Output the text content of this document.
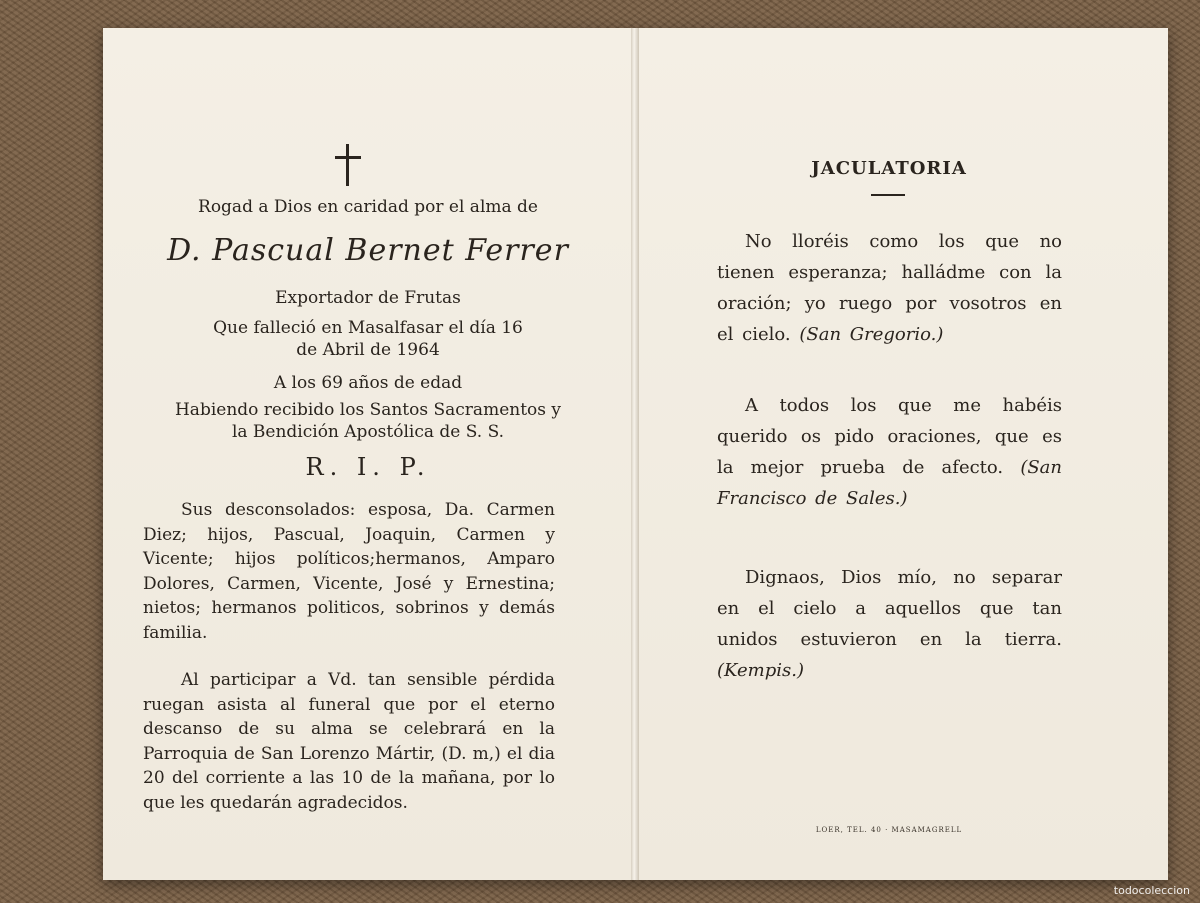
Rogad a Dios en caridad por el alma de
D. Pascual Bernet Ferrer
Exportador de Frutas
Que falleció en Masalfasar el día 16
de Abril de 1964
A los 69 años de edad
Habiendo recibido los Santos Sacramentos y
la Bendición Apostólica de S. S.
R. I. P.
Sus desconsolados: esposa, Da. Carmen Diez; hijos, Pascual, Joaquin, Carmen y Vicente; hijos políticos;hermanos, Amparo Dolores, Carmen, Vicente, José y Ernestina; nietos; hermanos politicos, sobrinos y demás familia.
Al participar a Vd. tan sensible pérdida ruegan asista al funeral que por el eterno descanso de su alma se celebrará en la Parroquia de San Lorenzo Mártir, (D. m,) el dia 20 del corriente a las 10 de la mañana, por lo que les quedarán agradecidos.
JACULATORIA
No lloréis como los que no tienen esperanza; halládme con la oración; yo ruego por vosotros en el cielo. (San Gregorio.)
A todos los que me habéis querido os pido oraciones, que es la mejor prueba de afecto. (San Francisco de Sales.)
Dignaos, Dios mío, no separar en el cielo a aquellos que tan unidos estuvieron en la tierra. (Kempis.)
LOER, TEL. 40 · MASAMAGRELL
todocoleccion
